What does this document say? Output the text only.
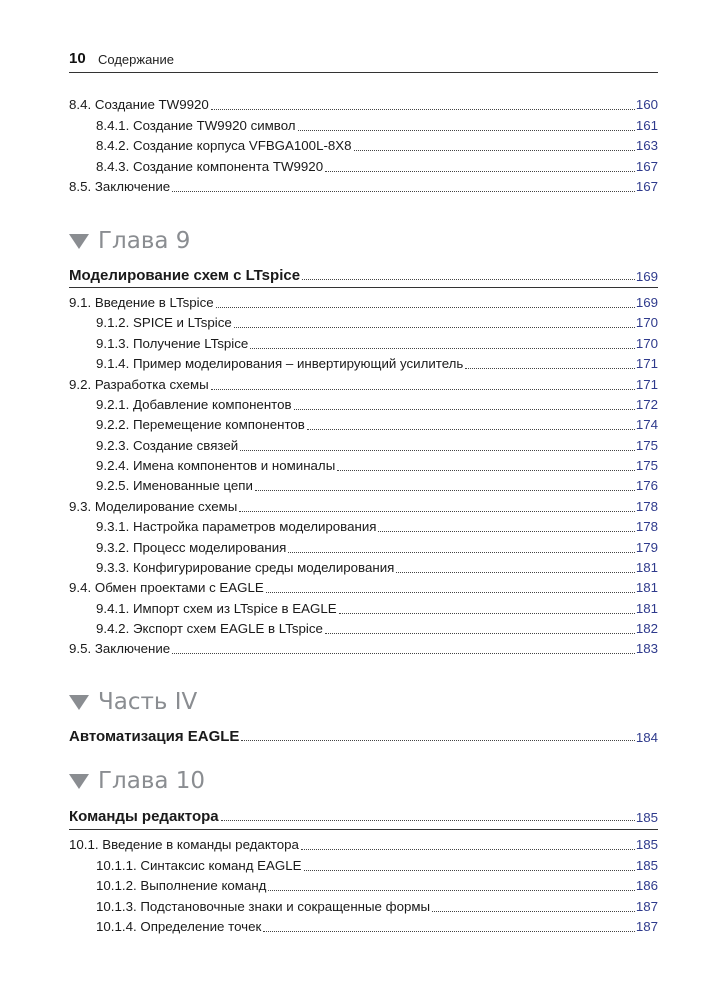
10 Содержание
8.4. Создание TW9920	160
8.4.1. Создание TW9920 символ	161
8.4.2. Создание корпуса VFBGA100L-8X8	163
8.4.3. Создание компонента TW9920	167
8.5. Заключение	167
Глава 9
Моделирование схем с LTspice	169
9.1. Введение в LTspice	169
9.1.2. SPICE и LTspice	170
9.1.3. Получение LTspice	170
9.1.4. Пример моделирования – инвертирующий усилитель	171
9.2. Разработка схемы	171
9.2.1. Добавление компонентов	172
9.2.2. Перемещение компонентов	174
9.2.3. Создание связей	175
9.2.4. Имена компонентов и номиналы	175
9.2.5. Именованные цепи	176
9.3. Моделирование схемы	178
9.3.1. Настройка параметров моделирования	178
9.3.2. Процесс моделирования	179
9.3.3. Конфигурирование среды моделирования	181
9.4. Обмен проектами с EAGLE	181
9.4.1. Импорт схем из LTspice в EAGLE	181
9.4.2. Экспорт схем EAGLE в LTspice	182
9.5. Заключение	183
Часть IV
Автоматизация EAGLE	184
Глава 10
Команды редактора	185
10.1. Введение в команды редактора	185
10.1.1. Синтаксис команд EAGLE	185
10.1.2. Выполнение команд	186
10.1.3. Подстановочные знаки и сокращенные формы	187
10.1.4. Определение точек	187
